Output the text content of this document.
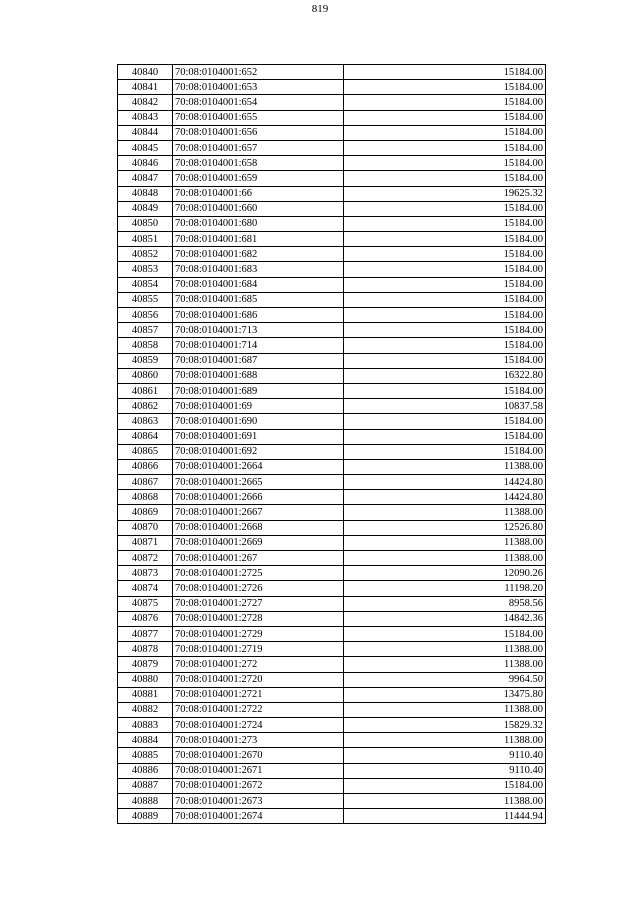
819
40840	70:08:0104001:652	15184.00
40841	70:08:0104001:653	15184.00
40842	70:08:0104001:654	15184.00
40843	70:08:0104001:655	15184.00
40844	70:08:0104001:656	15184.00
40845	70:08:0104001:657	15184.00
40846	70:08:0104001:658	15184.00
40847	70:08:0104001:659	15184.00
40848	70:08:0104001:66	19625.32
40849	70:08:0104001:660	15184.00
40850	70:08:0104001:680	15184.00
40851	70:08:0104001:681	15184.00
40852	70:08:0104001:682	15184.00
40853	70:08:0104001:683	15184.00
40854	70:08:0104001:684	15184.00
40855	70:08:0104001:685	15184.00
40856	70:08:0104001:686	15184.00
40857	70:08:0104001:713	15184.00
40858	70:08:0104001:714	15184.00
40859	70:08:0104001:687	15184.00
40860	70:08:0104001:688	16322.80
40861	70:08:0104001:689	15184.00
40862	70:08:0104001:69	10837.58
40863	70:08:0104001:690	15184.00
40864	70:08:0104001:691	15184.00
40865	70:08:0104001:692	15184.00
40866	70:08:0104001:2664	11388.00
40867	70:08:0104001:2665	14424.80
40868	70:08:0104001:2666	14424.80
40869	70:08:0104001:2667	11388.00
40870	70:08:0104001:2668	12526.80
40871	70:08:0104001:2669	11388.00
40872	70:08:0104001:267	11388.00
40873	70:08:0104001:2725	12090.26
40874	70:08:0104001:2726	11198.20
40875	70:08:0104001:2727	8958.56
40876	70:08:0104001:2728	14842.36
40877	70:08:0104001:2729	15184.00
40878	70:08:0104001:2719	11388.00
40879	70:08:0104001:272	11388.00
40880	70:08:0104001:2720	9964.50
40881	70:08:0104001:2721	13475.80
40882	70:08:0104001:2722	11388.00
40883	70:08:0104001:2724	15829.32
40884	70:08:0104001:273	11388.00
40885	70:08:0104001:2670	9110.40
40886	70:08:0104001:2671	9110.40
40887	70:08:0104001:2672	15184.00
40888	70:08:0104001:2673	11388.00
40889	70:08:0104001:2674	11444.94
